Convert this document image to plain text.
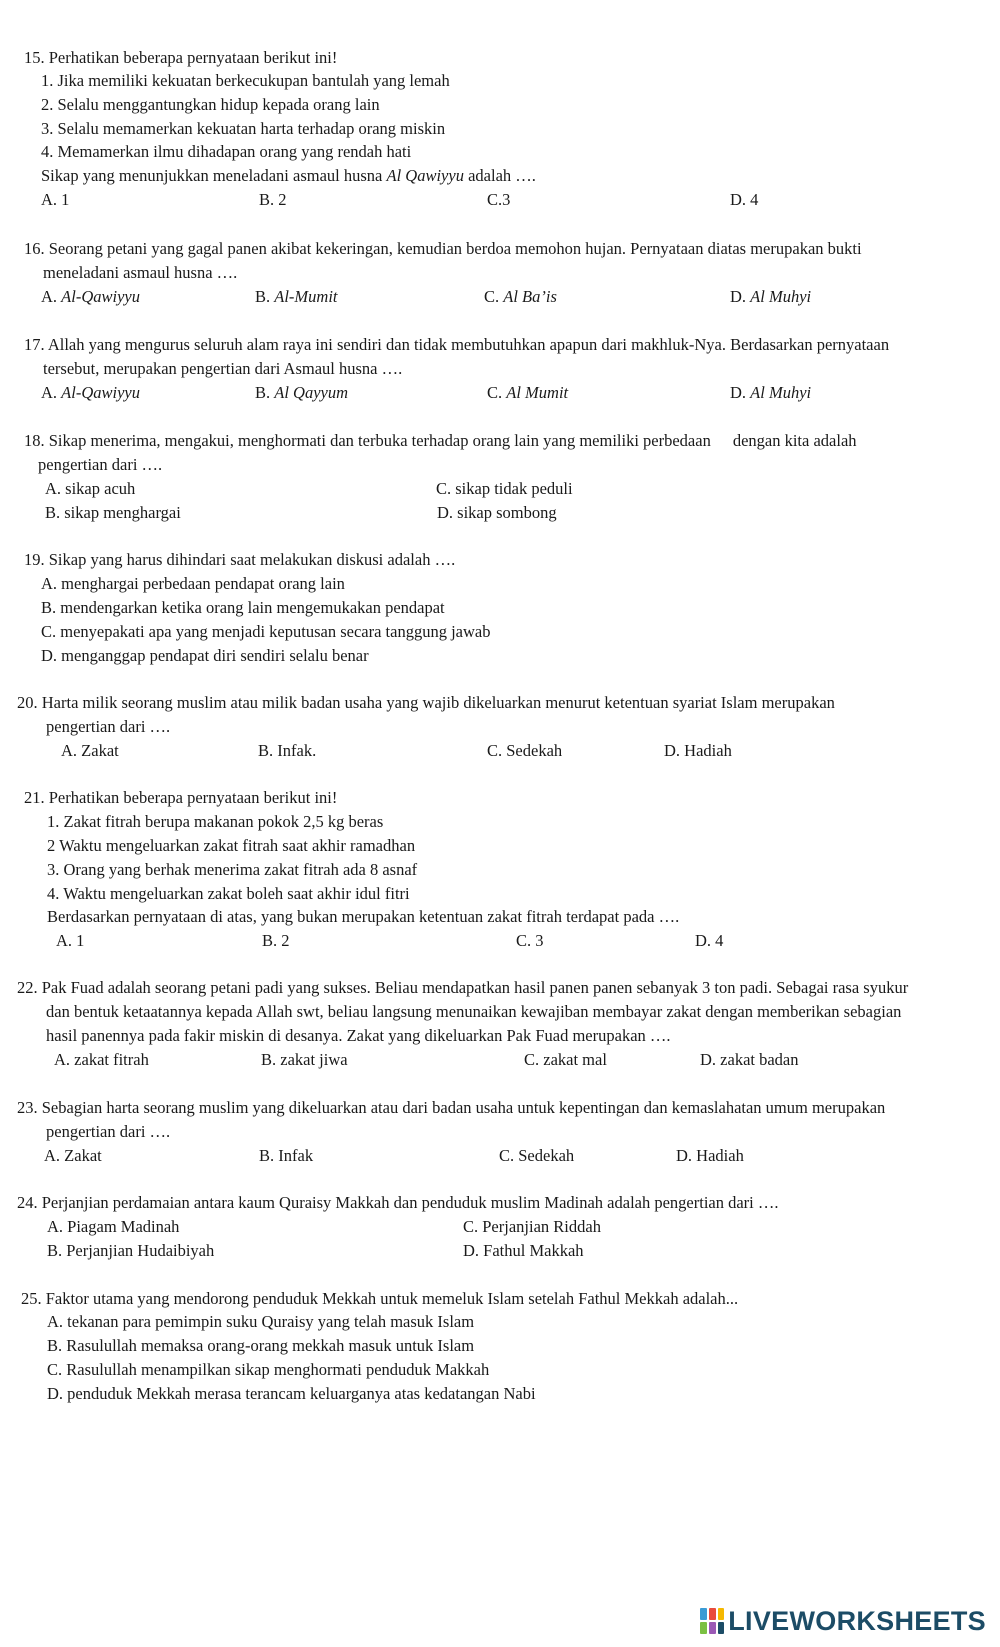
15. Perhatikan beberapa pernyataan berikut ini!
1. Jika memiliki kekuatan berkecukupan bantulah yang lemah
2. Selalu menggantungkan hidup kepada orang lain
3. Selalu memamerkan kekuatan harta terhadap orang miskin
4. Memamerkan ilmu dihadapan orang yang rendah hati
Sikap yang menunjukkan meneladani asmaul husna Al Qawiyyu adalah ….
A. 1	B. 2	C.3	D. 4
16. Seorang petani yang gagal panen akibat kekeringan, kemudian berdoa memohon hujan. Pernyataan diatas merupakan bukti
meneladani asmaul husna ….
A. Al-Qawiyyu	B. Al-Mumit	C. Al Ba’is	D. Al Muhyi
17. Allah yang mengurus seluruh alam raya ini sendiri dan tidak membutuhkan apapun dari makhluk-Nya. Berdasarkan pernyataan
tersebut, merupakan pengertian dari Asmaul husna ….
A. Al-Qawiyyu	B. Al Qayyum	C. Al Mumit	D. Al Muhyi
18. Sikap menerima, mengakui, menghormati dan terbuka terhadap orang lain yang memiliki perbedaan dengan kita adalah
pengertian dari ….
A. sikap acuh	C. sikap tidak peduli
B. sikap menghargai	D. sikap sombong
19. Sikap yang harus dihindari saat melakukan diskusi adalah ….
A. menghargai perbedaan pendapat orang lain
B. mendengarkan ketika orang lain mengemukakan pendapat
C. menyepakati apa yang menjadi keputusan secara tanggung jawab
D. menganggap pendapat diri sendiri selalu benar
20. Harta milik seorang muslim atau milik badan usaha yang wajib dikeluarkan menurut ketentuan syariat Islam merupakan
pengertian dari ….
A. Zakat	B. Infak.	C. Sedekah	D. Hadiah
21. Perhatikan beberapa pernyataan berikut ini!
1. Zakat fitrah berupa makanan pokok 2,5 kg beras
2 Waktu mengeluarkan zakat fitrah saat akhir ramadhan
3. Orang yang berhak menerima zakat fitrah ada 8 asnaf
4. Waktu mengeluarkan zakat boleh saat akhir idul fitri
Berdasarkan pernyataan di atas, yang bukan merupakan ketentuan zakat fitrah terdapat pada ….
A. 1	B. 2	C. 3	D. 4
22. Pak Fuad adalah seorang petani padi yang sukses. Beliau mendapatkan hasil panen panen sebanyak 3 ton padi. Sebagai rasa syukur
dan bentuk ketaatannya kepada Allah swt, beliau langsung menunaikan kewajiban membayar zakat dengan memberikan sebagian
hasil panennya pada fakir miskin di desanya. Zakat yang dikeluarkan Pak Fuad merupakan ….
A. zakat fitrah	B. zakat jiwa	C. zakat mal	D. zakat badan
23. Sebagian harta seorang muslim yang dikeluarkan atau dari badan usaha untuk kepentingan dan kemaslahatan umum merupakan
pengertian dari ….
A. Zakat	B. Infak	C. Sedekah	D. Hadiah
24. Perjanjian perdamaian antara kaum Quraisy Makkah dan penduduk muslim Madinah adalah pengertian dari ….
A. Piagam Madinah	C. Perjanjian Riddah
B. Perjanjian Hudaibiyah	D. Fathul Makkah
25. Faktor utama yang mendorong penduduk Mekkah untuk memeluk Islam setelah Fathul Mekkah adalah...
A. tekanan para pemimpin suku Quraisy yang telah masuk Islam
B. Rasulullah memaksa orang-orang mekkah masuk untuk Islam
C. Rasulullah menampilkan sikap menghormati penduduk Makkah
D. penduduk Mekkah merasa terancam keluarganya atas kedatangan Nabi
LIVEWORKSHEETS
